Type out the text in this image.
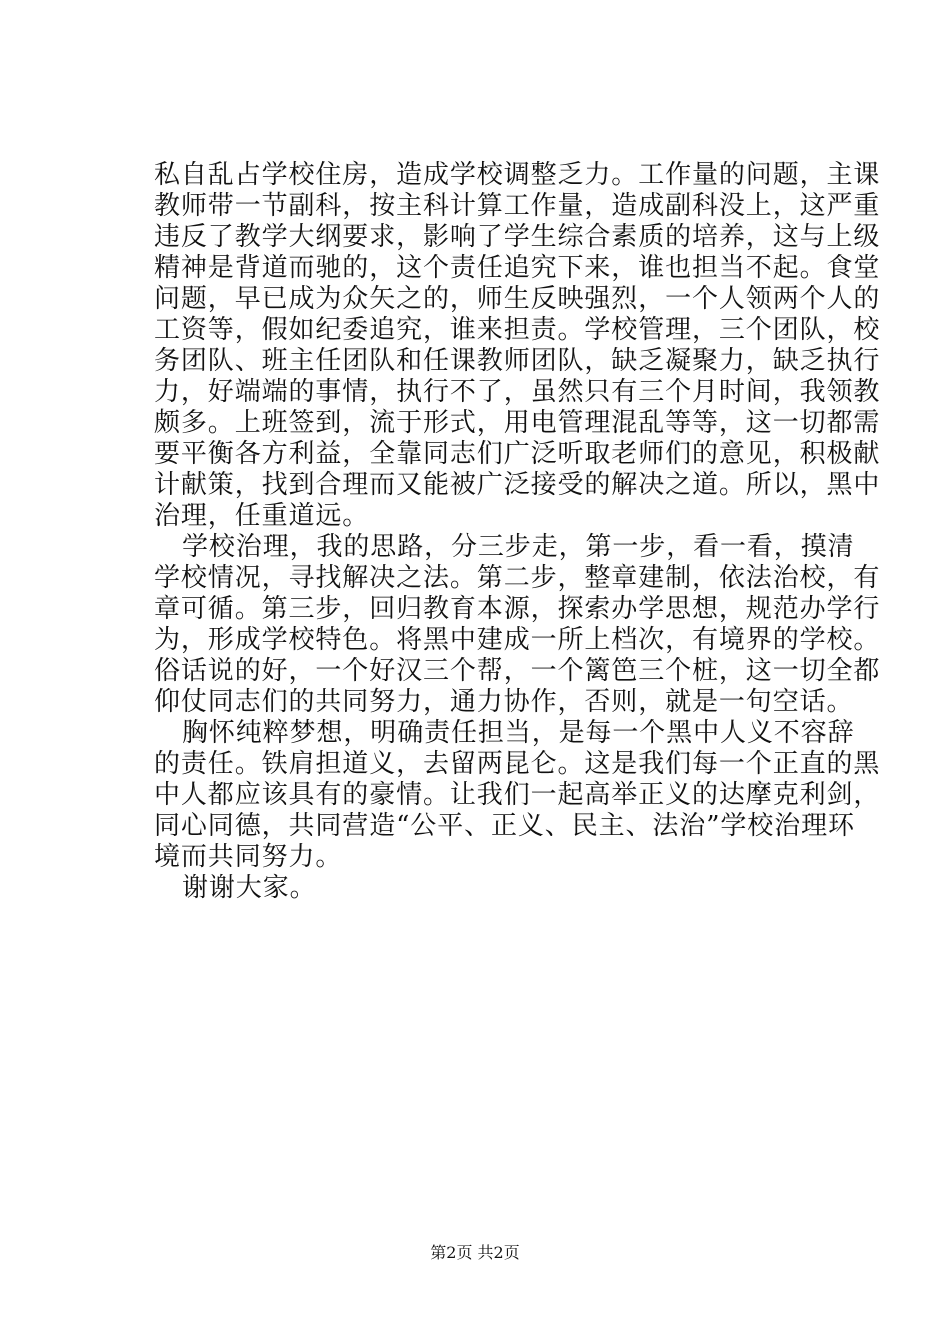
私自乱占学校住房，造成学校调整乏力。工作量的问题，主课
教师带一节副科，按主科计算工作量，造成副科没上，这严重
违反了教学大纲要求，影响了学生综合素质的培养，这与上级
精神是背道而驰的，这个责任追究下来，谁也担当不起。食堂
问题，早已成为众矢之的，师生反映强烈，一个人领两个人的
工资等，假如纪委追究，谁来担责。学校管理，三个团队，校
务团队、班主任团队和任课教师团队，缺乏凝聚力，缺乏执行
力，好端端的事情，执行不了，虽然只有三个月时间，我领教
颇多。上班签到，流于形式，用电管理混乱等等，这一切都需
要平衡各方利益，全靠同志们广泛听取老师们的意见，积极献
计献策，找到合理而又能被广泛接受的解决之道。所以，黑中
治理，任重道远。
学校治理，我的思路，分三步走，第一步，看一看，摸清
学校情况，寻找解决之法。第二步，整章建制，依法治校，有
章可循。第三步，回归教育本源，探索办学思想，规范办学行
为，形成学校特色。将黑中建成一所上档次，有境界的学校。
俗话说的好，一个好汉三个帮，一个篱笆三个桩，这一切全都
仰仗同志们的共同努力，通力协作，否则，就是一句空话。
胸怀纯粹梦想，明确责任担当，是每一个黑中人义不容辞
的责任。铁肩担道义，去留两昆仑。这是我们每一个正直的黑
中人都应该具有的豪情。让我们一起高举正义的达摩克利剑，
同心同德，共同营造“公平、正义、民主、法治”学校治理环
境而共同努力。
谢谢大家。
第2页 共2页
